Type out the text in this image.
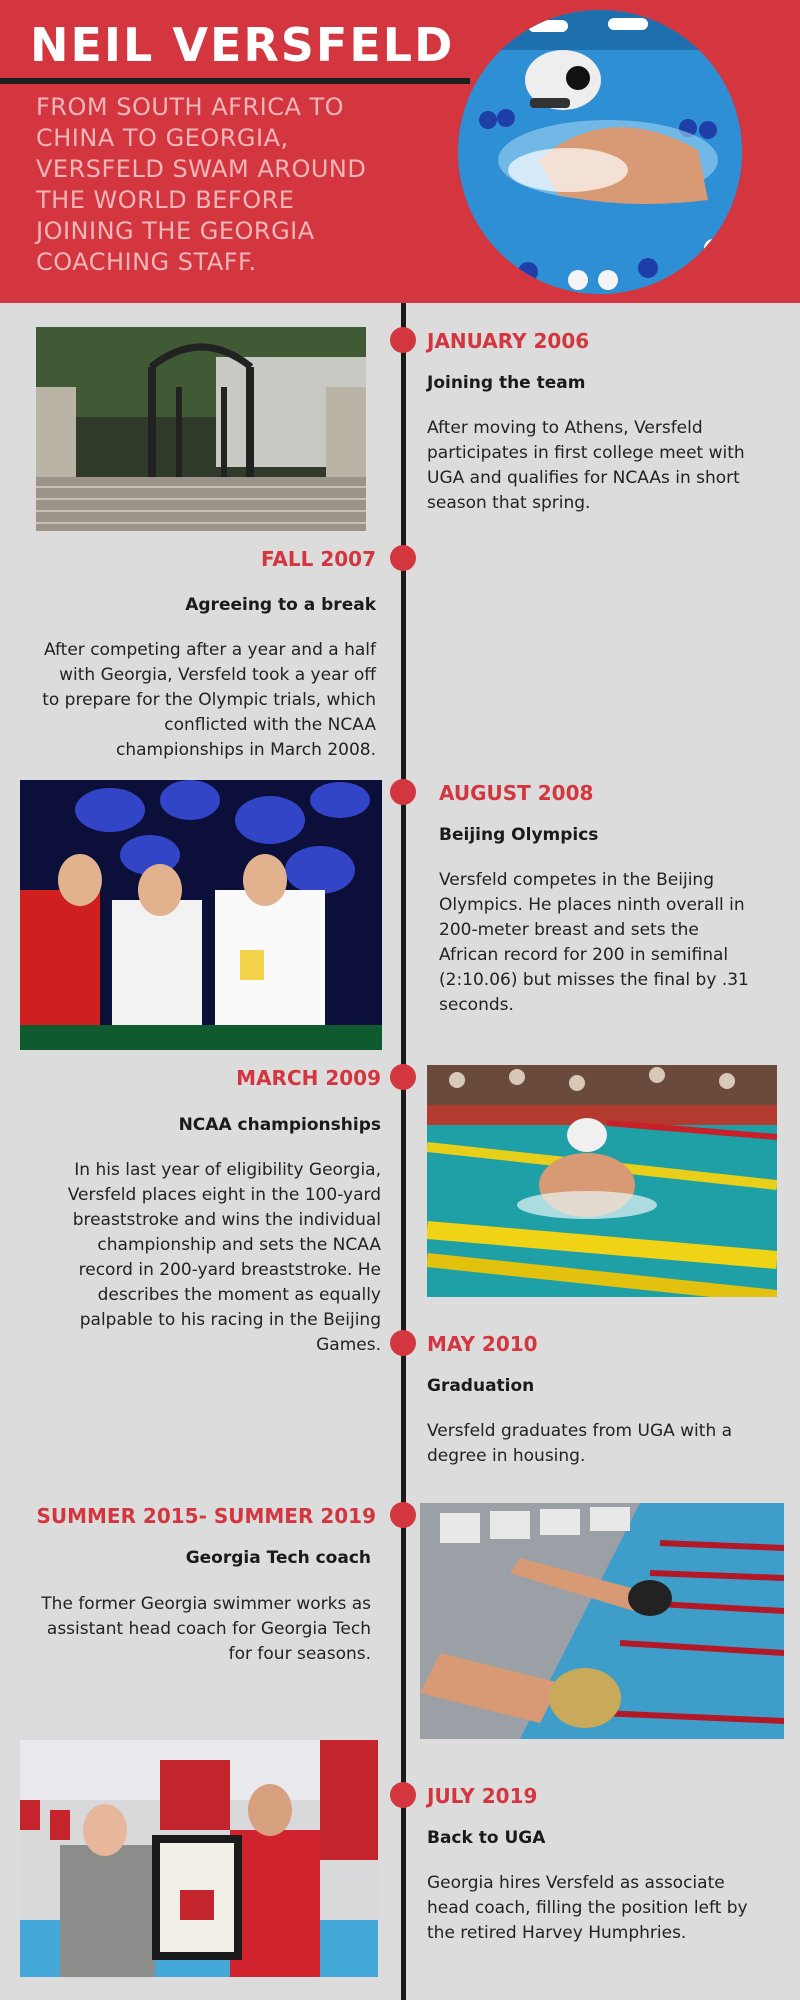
NEIL VERSFELD
FROM SOUTH AFRICA TO CHINA TO GEORGIA, VERSFELD SWAM AROUND THE WORLD BEFORE JOINING THE GEORGIA COACHING STAFF.
JANUARY 2006
Joining the team
After moving to Athens, Versfeld participates in first college meet with UGA and qualifies for NCAAs in short season that spring.
FALL 2007
Agreeing to a break
After competing after a year and a half with Georgia, Versfeld took a year off to prepare for the Olympic trials, which conflicted with the NCAA championships in March 2008.
AUGUST 2008
Beijing Olympics
Versfeld competes in the Beijing Olympics. He places ninth overall in 200-meter breast and sets the African record for 200 in semifinal (2:10.06) but misses the final by .31 seconds.
MARCH 2009
NCAA championships
In his last year of eligibility Georgia, Versfeld places eight in the 100-yard breaststroke and wins the individual championship and sets the NCAA record in 200-yard breaststroke. He describes the moment as equally palpable to his racing in the Beijing Games. MAY 2010
Graduation
Versfeld graduates from UGA with a degree in housing.
SUMMER 2015- SUMMER 2019
Georgia Tech coach
The former Georgia swimmer works as assistant head coach for Georgia Tech for four seasons.
JULY 2019
Back to UGA
Georgia hires Versfeld as associate head coach, filling the position left by the retired Harvey Humphries.
